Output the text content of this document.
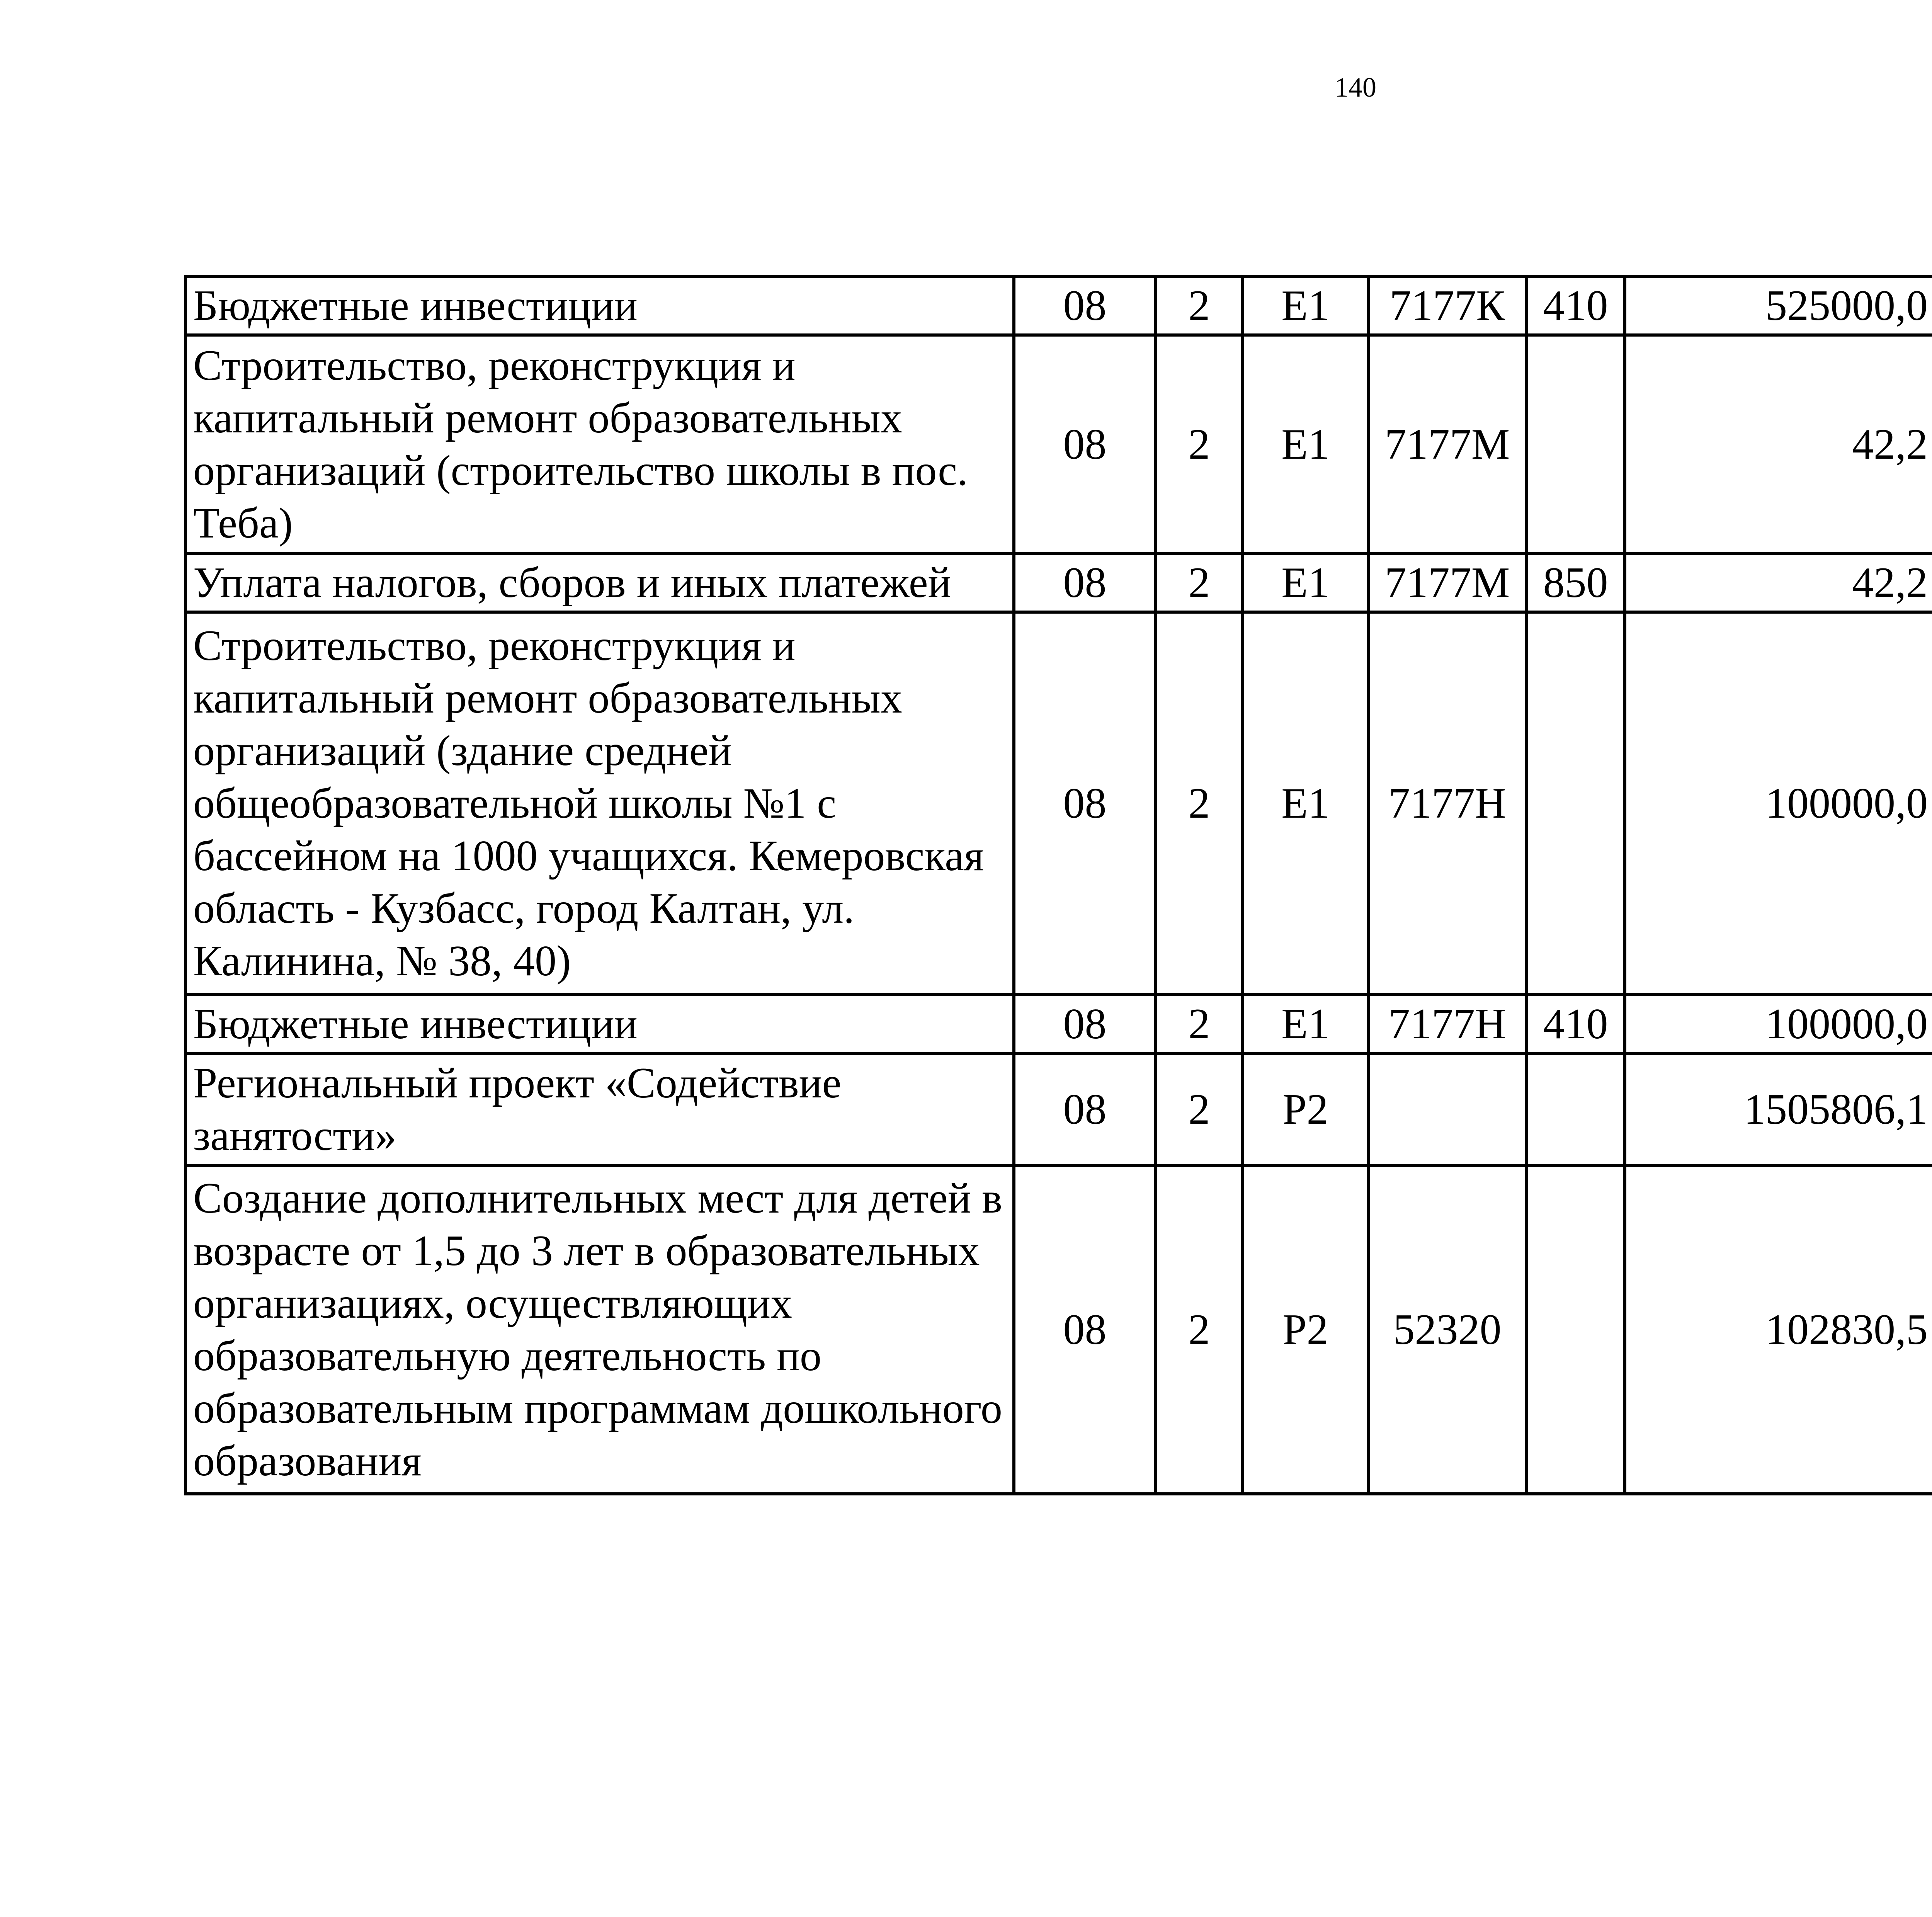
140
Бюджетные инвестиции	08	2	E1	7177К	410	525000,0		
Строительство, реконструкция и капитальный ремонт образовательных организаций (строительство школы в пос. Теба)	08	2	E1	7177М		42,2		
Уплата налогов, сборов и иных платежей	08	2	E1	7177М	850	42,2		
Строительство, реконструкция и капитальный ремонт образовательных организаций (здание средней общеобразовательной школы №1 с бассейном на 1000 учащихся. Кемеровская область - Кузбасс, город Калтан, ул. Калинина, № 38, 40)	08	2	E1	7177Н		100000,0		
Бюджетные инвестиции	08	2	E1	7177Н	410	100000,0		
Региональный проект «Содействие занятости»	08	2	P2			1505806,1		
Создание дополнительных мест для детей в возрасте от 1,5 до 3 лет в образовательных организациях, осуществляющих образовательную деятельность по образовательным программам дошкольного образования	08	2	P2	52320		102830,5		
